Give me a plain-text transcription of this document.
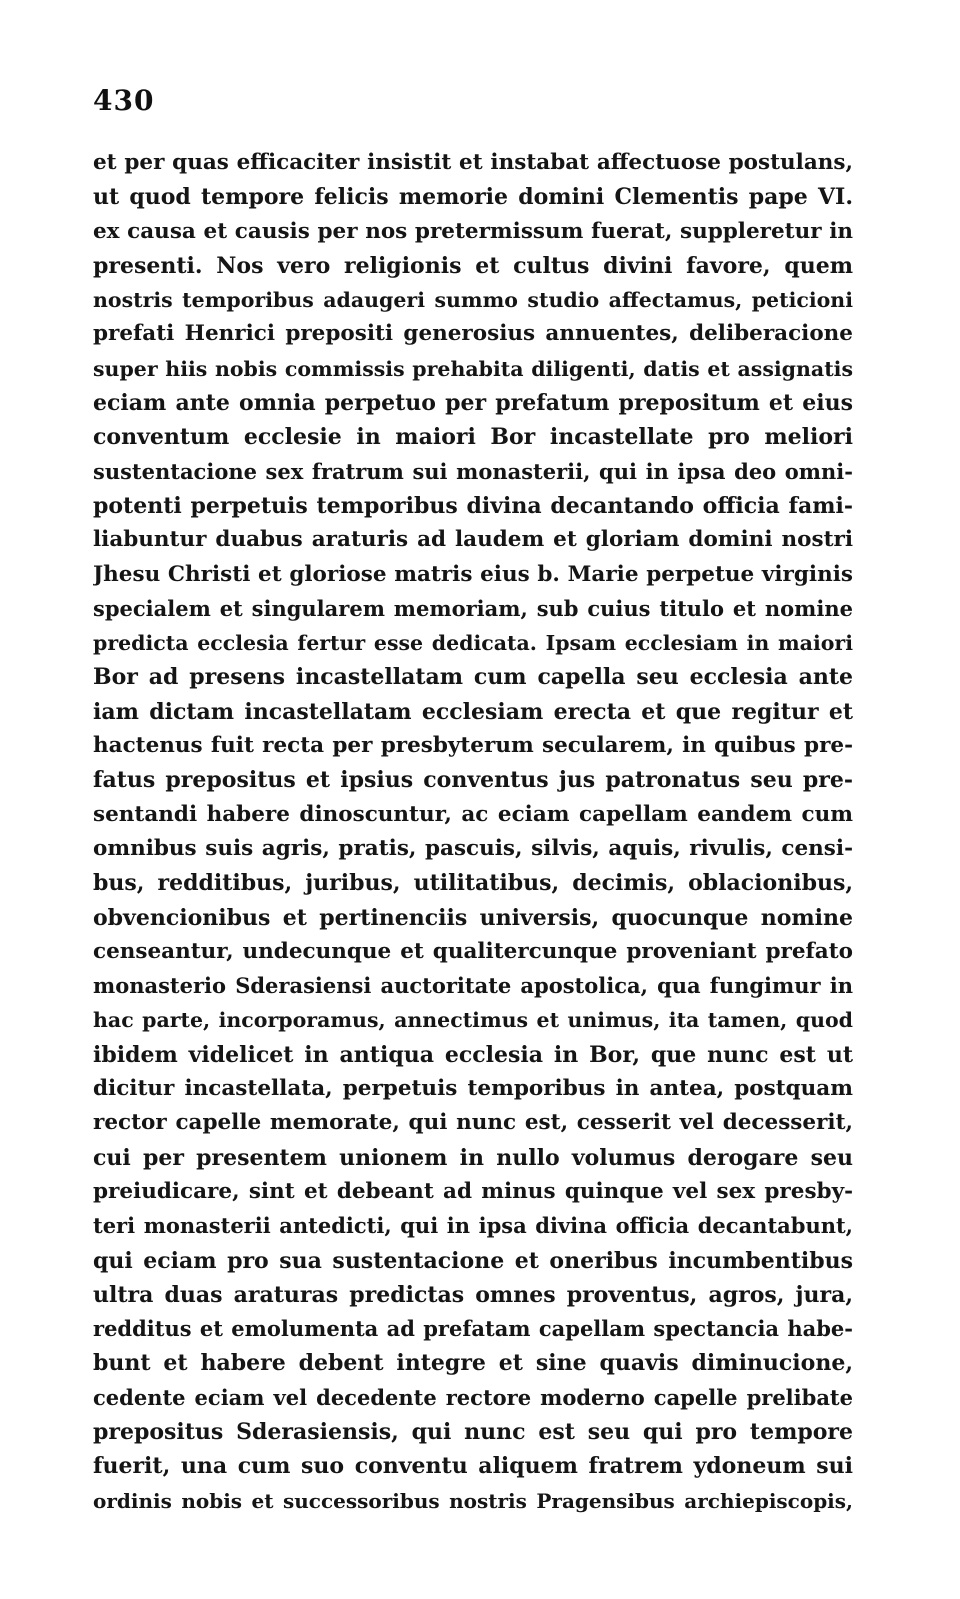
430
et per quas efficaciter insistit et instabat affectuose postulans,
ut quod tempore felicis memorie domini Clementis pape VI.
ex causa et causis per nos pretermissum fuerat, suppleretur in
presenti. Nos vero religionis et cultus divini favore, quem
nostris temporibus adaugeri summo studio affectamus, peticioni
prefati Henrici prepositi generosius annuentes, deliberacione
super hiis nobis commissis prehabita diligenti, datis et assignatis
eciam ante omnia perpetuo per prefatum prepositum et eius
conventum ecclesie in maiori Bor incastellate pro meliori
sustentacione sex fratrum sui monasterii, qui in ipsa deo omni-
potenti perpetuis temporibus divina decantando officia fami-
liabuntur duabus araturis ad laudem et gloriam domini nostri
Jhesu Christi et gloriose matris eius b. Marie perpetue virginis
specialem et singularem memoriam, sub cuius titulo et nomine
predicta ecclesia fertur esse dedicata. Ipsam ecclesiam in maiori
Bor ad presens incastellatam cum capella seu ecclesia ante
iam dictam incastellatam ecclesiam erecta et que regitur et
hactenus fuit recta per presbyterum secularem, in quibus pre-
fatus prepositus et ipsius conventus jus patronatus seu pre-
sentandi habere dinoscuntur, ac eciam capellam eandem cum
omnibus suis agris, pratis, pascuis, silvis, aquis, rivulis, censi-
bus, redditibus, juribus, utilitatibus, decimis, oblacionibus,
obvencionibus et pertinenciis universis, quocunque nomine
censeantur, undecunque et qualitercunque proveniant prefato
monasterio Sderasiensi auctoritate apostolica, qua fungimur in
hac parte, incorporamus, annectimus et unimus, ita tamen, quod
ibidem videlicet in antiqua ecclesia in Bor, que nunc est ut
dicitur incastellata, perpetuis temporibus in antea, postquam
rector capelle memorate, qui nunc est, cesserit vel decesserit,
cui per presentem unionem in nullo volumus derogare seu
preiudicare, sint et debeant ad minus quinque vel sex presby-
teri monasterii antedicti, qui in ipsa divina officia decantabunt,
qui eciam pro sua sustentacione et oneribus incumbentibus
ultra duas araturas predictas omnes proventus, agros, jura,
redditus et emolumenta ad prefatam capellam spectancia habe-
bunt et habere debent integre et sine quavis diminucione,
cedente eciam vel decedente rectore moderno capelle prelibate
prepositus Sderasiensis, qui nunc est seu qui pro tempore
fuerit, una cum suo conventu aliquem fratrem ydoneum sui
ordinis nobis et successoribus nostris Pragensibus archiepiscopis,
